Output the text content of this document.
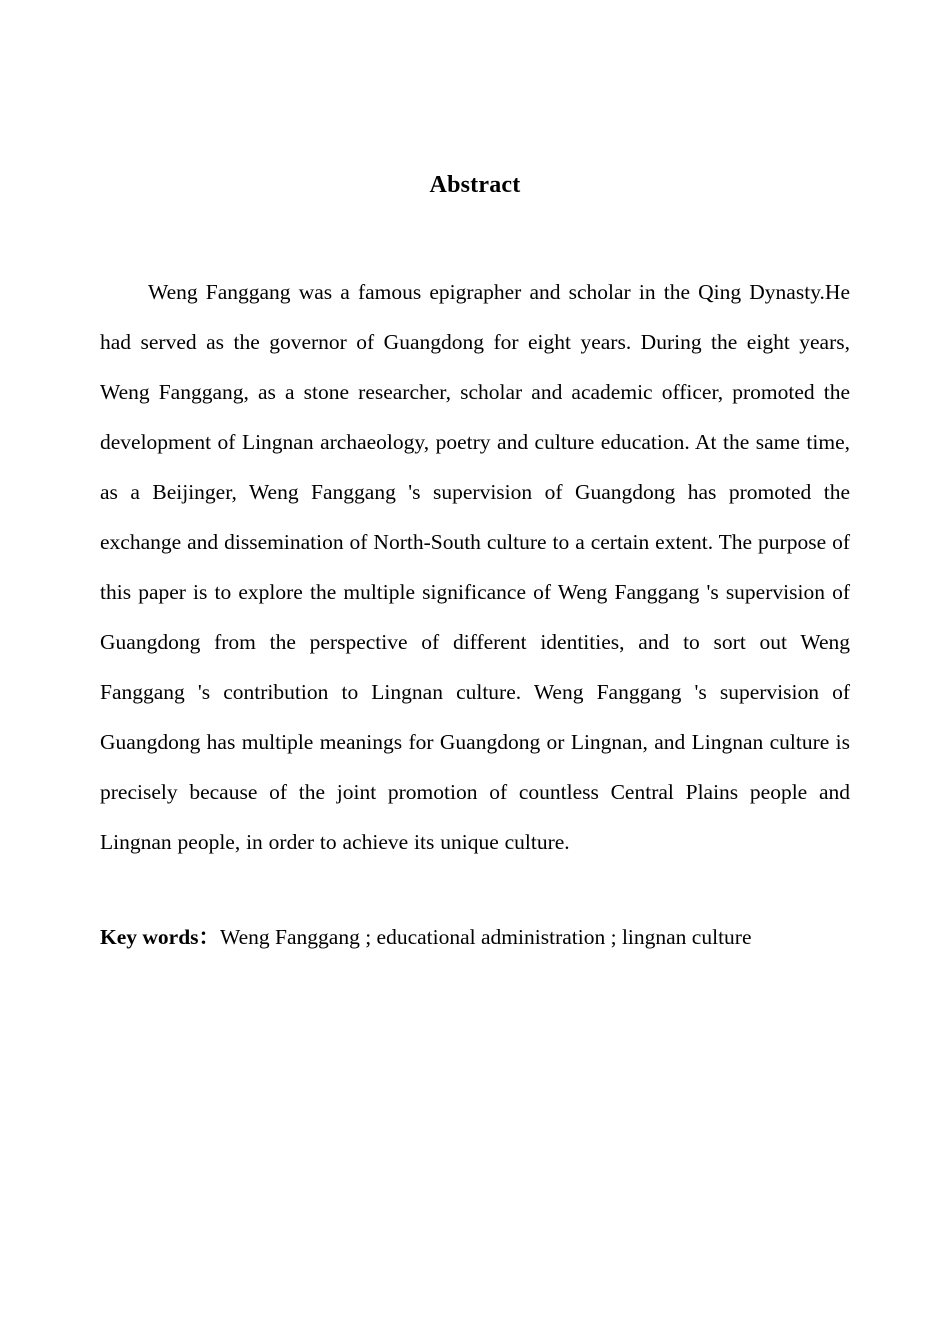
Abstract

Weng Fanggang was a famous epigrapher and scholar in the Qing Dynasty.He had served as the governor of Guangdong for eight years. During the eight years, Weng Fanggang, as a stone researcher, scholar and academic officer, promoted the development of Lingnan archaeology, poetry and culture education. At the same time, as a Beijinger, Weng Fanggang 's supervision of Guangdong has promoted the exchange and dissemination of North-South culture to a certain extent. The purpose of this paper is to explore the multiple significance of Weng Fanggang 's supervision of Guangdong from the perspective of different identities, and to sort out Weng Fanggang 's contribution to Lingnan culture. Weng Fanggang 's supervision of Guangdong has multiple meanings for Guangdong or Lingnan, and Lingnan culture is precisely because of the joint promotion of countless Central Plains people and Lingnan people, in order to achieve its unique culture.

Key words：Weng Fanggang ; educational administration ; lingnan culture
